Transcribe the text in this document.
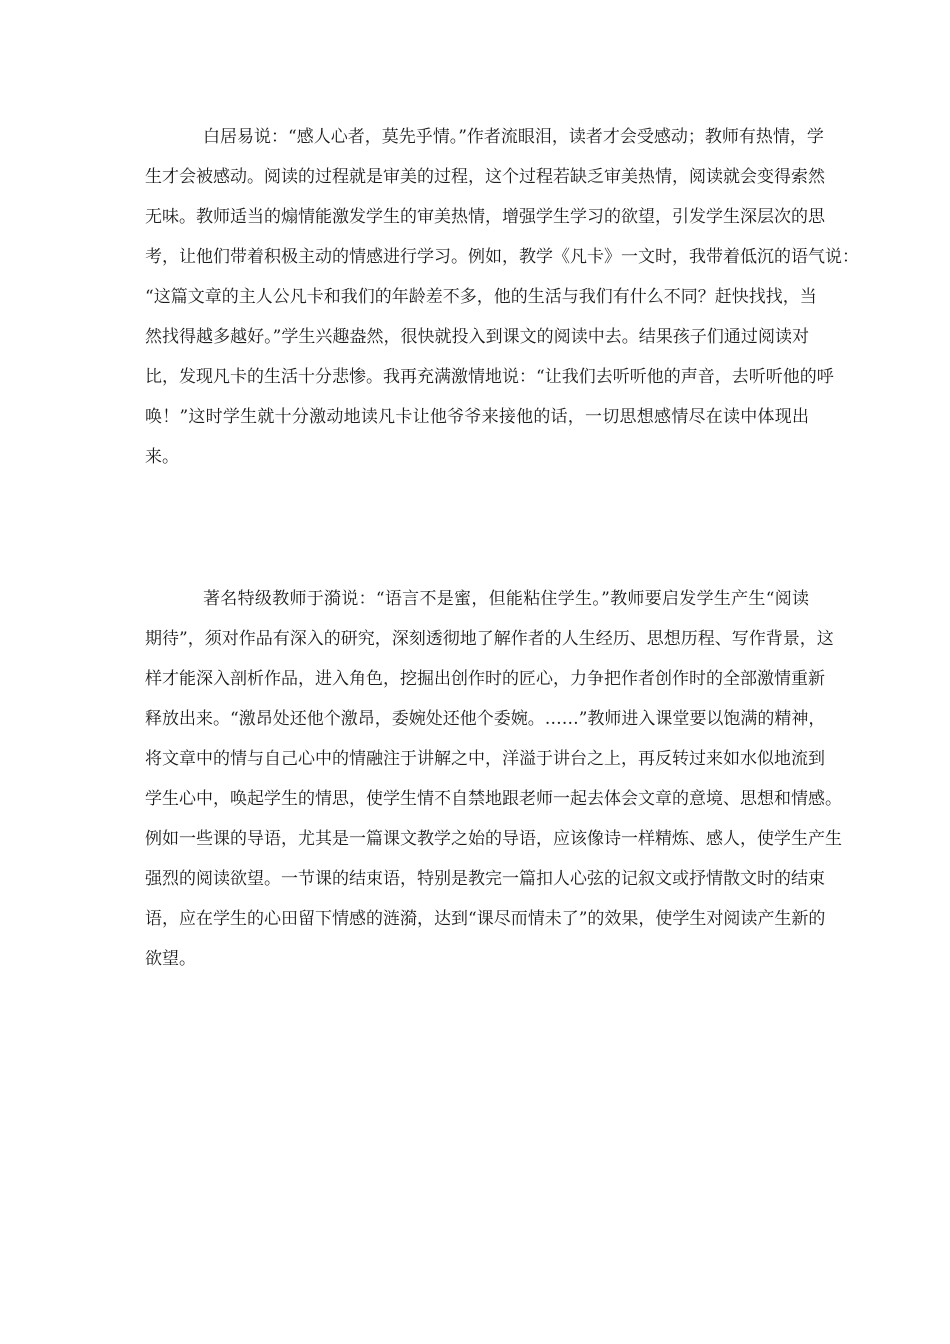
白居易说：“感人心者，莫先乎情。”作者流眼泪，读者才会受感动；教师有热情，学
生才会被感动。阅读的过程就是审美的过程，这个过程若缺乏审美热情，阅读就会变得索然
无味。教师适当的煽情能激发学生的审美热情，增强学生学习的欲望，引发学生深层次的思
考，让他们带着积极主动的情感进行学习。例如，教学《凡卡》一文时，我带着低沉的语气说：
“这篇文章的主人公凡卡和我们的年龄差不多，他的生活与我们有什么不同？赶快找找，当
然找得越多越好。”学生兴趣盎然，很快就投入到课文的阅读中去。结果孩子们通过阅读对
比，发现凡卡的生活十分悲惨。我再充满激情地说：“让我们去听听他的声音，去听听他的呼
唤！”这时学生就十分激动地读凡卡让他爷爷来接他的话，一切思想感情尽在读中体现出
来。
著名特级教师于漪说：“语言不是蜜，但能粘住学生。”教师要启发学生产生“阅读
期待”，须对作品有深入的研究，深刻透彻地了解作者的人生经历、思想历程、写作背景，这
样才能深入剖析作品，进入角色，挖掘出创作时的匠心，力争把作者创作时的全部激情重新
释放出来。“激昂处还他个激昂，委婉处还他个委婉。……”教师进入课堂要以饱满的精神，
将文章中的情与自己心中的情融注于讲解之中，洋溢于讲台之上，再反转过来如水似地流到
学生心中，唤起学生的情思，使学生情不自禁地跟老师一起去体会文章的意境、思想和情感。
例如一些课的导语，尤其是一篇课文教学之始的导语，应该像诗一样精炼、感人，使学生产生
强烈的阅读欲望。一节课的结束语，特别是教完一篇扣人心弦的记叙文或抒情散文时的结束
语，应在学生的心田留下情感的涟漪，达到“课尽而情未了”的效果，使学生对阅读产生新的
欲望。
